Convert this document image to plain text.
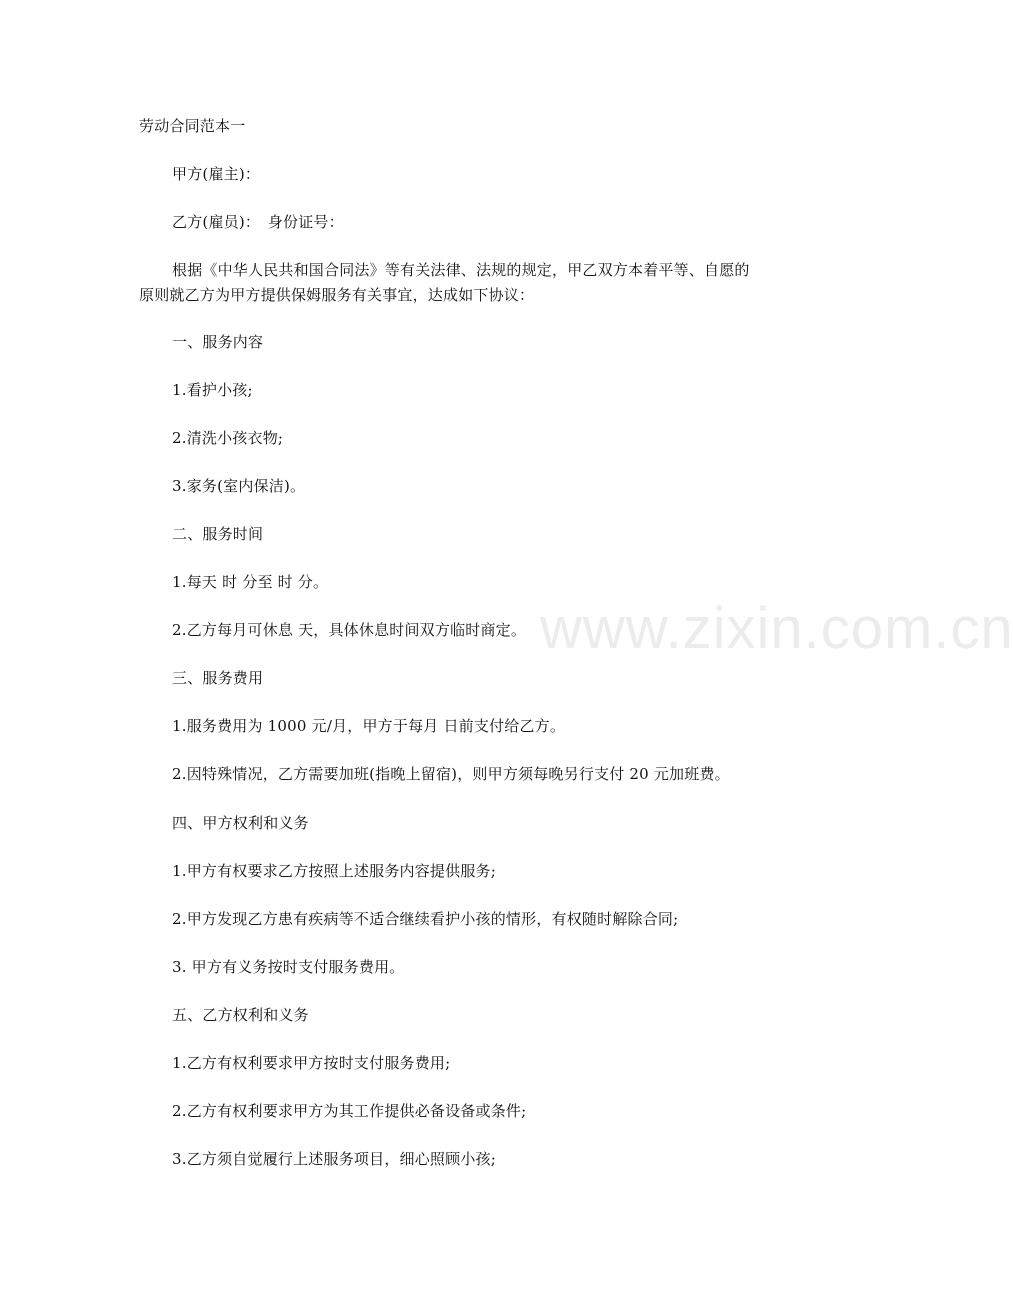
劳动合同范本一
甲方(雇主)：
乙方(雇员)：　身份证号：
根据《中华人民共和国合同法》等有关法律、法规的规定，甲乙双方本着平等、自愿的
原则就乙方为甲方提供保姆服务有关事宜，达成如下协议：
一、服务内容
1.看护小孩;
2.清洗小孩衣物;
3.家务(室内保洁)。
二、服务时间
1.每天 时 分至 时 分。
2.乙方每月可休息 天，具体休息时间双方临时商定。
三、服务费用
1.服务费用为 1000 元/月，甲方于每月 日前支付给乙方。
2.因特殊情况，乙方需要加班(指晚上留宿)，则甲方须每晚另行支付 20 元加班费。
四、甲方权利和义务
1.甲方有权要求乙方按照上述服务内容提供服务;
2.甲方发现乙方患有疾病等不适合继续看护小孩的情形，有权随时解除合同;
3. 甲方有义务按时支付服务费用。
五、乙方权利和义务
1.乙方有权利要求甲方按时支付服务费用;
2.乙方有权利要求甲方为其工作提供必备设备或条件;
3.乙方须自觉履行上述服务项目，细心照顾小孩;
www.zixin.com.cn
